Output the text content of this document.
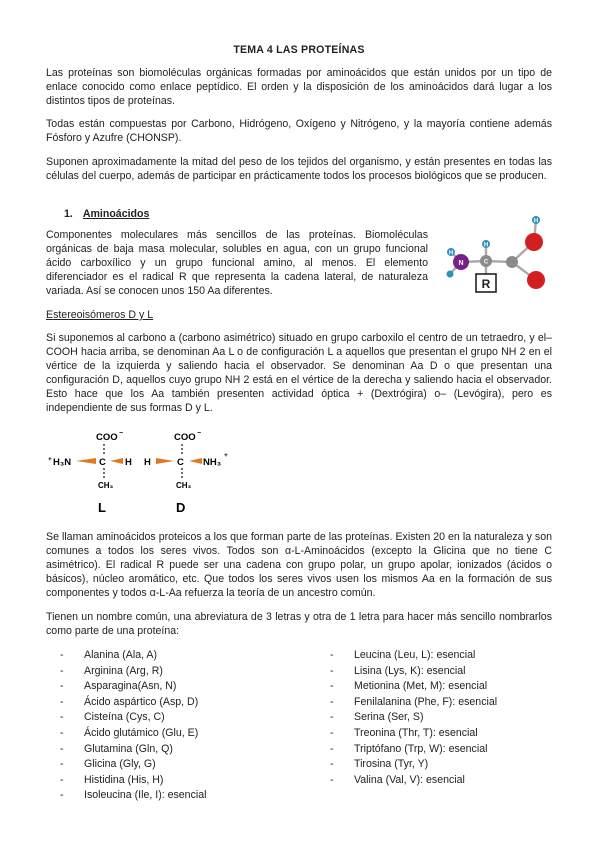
TEMA 4 LAS PROTEÍNAS

Las proteínas son biomoléculas orgánicas formadas por aminoácidos que están unidos por un tipo de enlace conocido como enlace peptídico. El orden y la disposición de los aminoácidos dará lugar a los distintos tipos de proteínas.

Todas están compuestas por Carbono, Hidrógeno, Oxígeno y Nitrógeno, y la mayoría contiene además Fósforo y Azufre (CHONSP).

Suponen aproximadamente la mitad del peso de los tejidos del organismo, y están presentes en todas las células del cuerpo, además de participar en prácticamente todos los procesos biológicos que se producen.

1. Aminoácidos

Componentes moleculares más sencillos de las proteínas. Biomoléculas orgánicas de baja masa molecular, solubles en agua, con un grupo funcional ácido carboxílico y un grupo funcional amino, al menos. El elemento diferenciador es el radical R que representa la cadena lateral, de naturaleza variada. Así se conocen unos 150 Aa diferentes.

H
C
H
N
H
R
Estereoisómeros D y L

Si suponemos al carbono a (carbono asimétrico) situado en grupo carboxilo el centro de un tetraedro, y el–COOH hacia arriba, se denominan Aa L o de configuración L a aquellos que presentan el grupo NH 2 en el vértice de la izquierda y saliendo hacia el observador. Se denominan Aa D o que presentan una configuración D, aquellos cuyo grupo NH 2 está en el vértice de la derecha y saliendo hacia el observador. Esto hace que los Aa también presenten actividad óptica + (Dextrógira) o– (Levógira), pero es independiente de sus formas D y L.

COO −
+ H₃N	C H
CH₃
L
COO −
H	C NH₃
+
CH₃
D

Se llaman aminoácidos proteicos a los que forman parte de las proteínas. Existen 20 en la naturaleza y son comunes a todos los seres vivos. Todos son α-L-Aminoácidos (excepto la Glicina que no tiene C asimétrico). El radical R puede ser una cadena con grupo polar, un grupo apolar, ionizados (ácidos o básicos), núcleo aromático, etc. Que todos los seres vivos usen los mismos Aa en la formación de sus componentes y todos α-L-Aa refuerza la teoría de un ancestro común.

Tienen un nombre común, una abreviatura de 3 letras y otra de 1 letra para hacer más sencillo nombrarlos como parte de una proteína:

- Alanina (Ala, A)
- Arginina (Arg, R)
- Asparagina(Asn, N)
- Ácido aspártico (Asp, D)
- Cisteína (Cys, C)
- Ácido glutámico (Glu, E)
- Glutamina (Gln, Q)
- Glicina (Gly, G)
- Histidina (His, H)
- Isoleucina (Ile, I): esencial
- Leucina (Leu, L): esencial
- Lisina (Lys, K): esencial
- Metionina (Met, M): esencial
- Fenilalanina (Phe, F): esencial
- Serina (Ser, S)
- Treonina (Thr, T): esencial
- Triptófano (Trp, W): esencial
- Tirosina (Tyr, Y)
- Valina (Val, V): esencial
